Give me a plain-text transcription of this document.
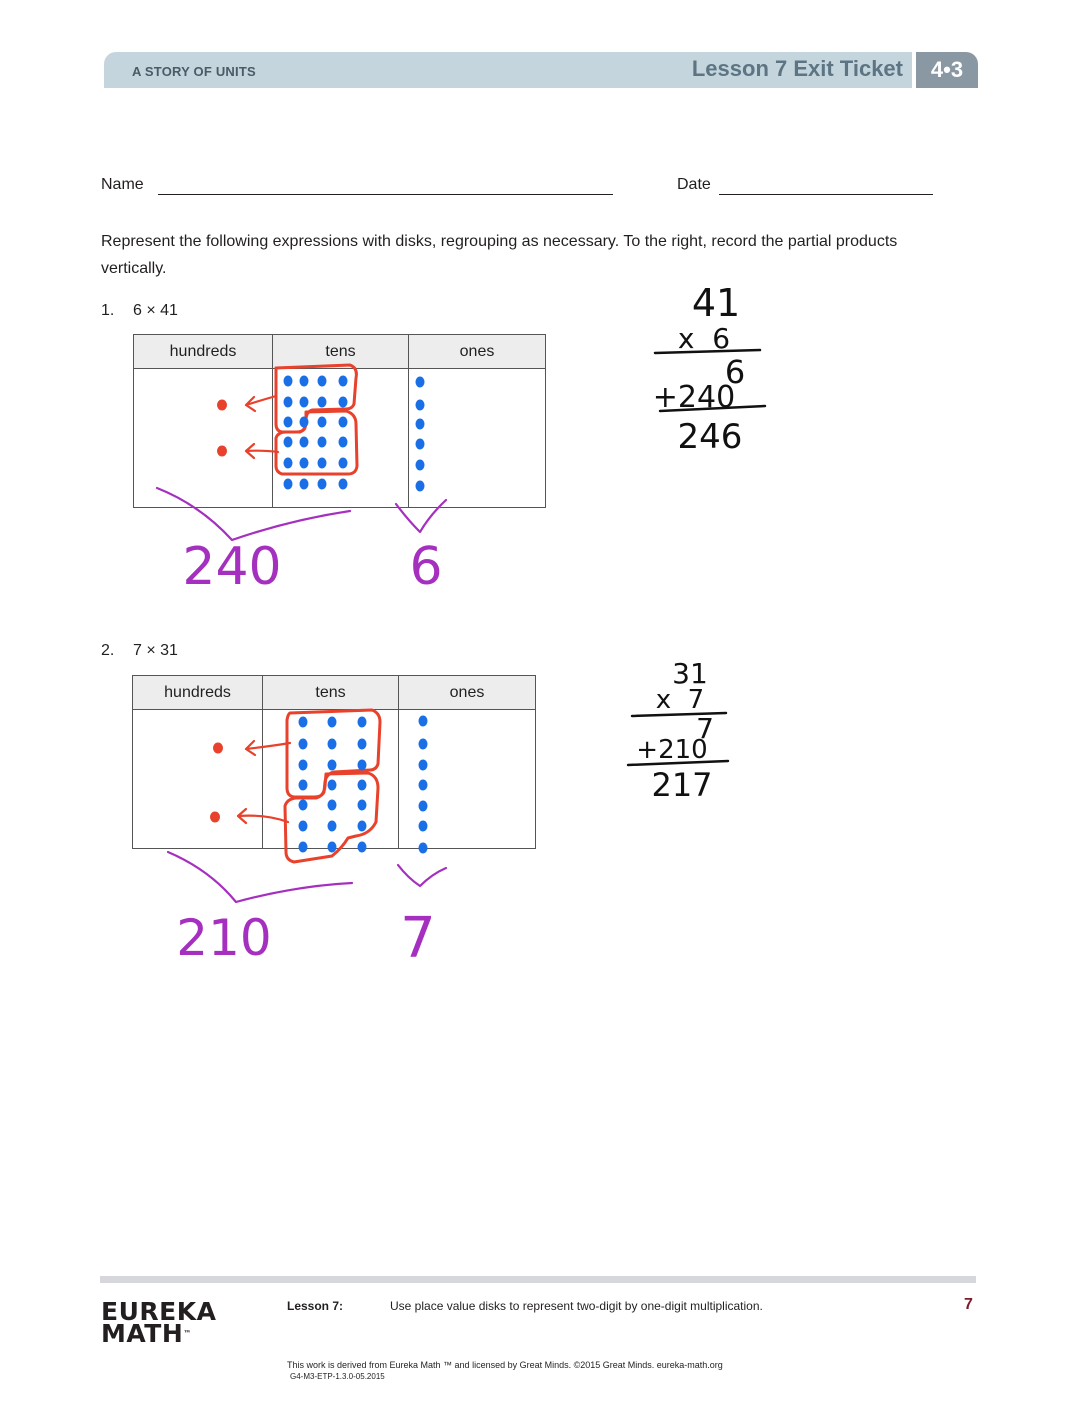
A STORY OF UNITS	Lesson 7 Exit Ticket	4•3
Name	Date
Represent the following expressions with disks, regrouping as necessary. To the right, record the partial products vertically.
1. 6 × 41
hundreds	tens	ones

2. 7 × 31
hundreds	tens	ones

240 6
41
x  6
6
+240
246
210 7
31
x  7
7
+210
217
EUREKA
MATH™
Lesson 7:	Use place value disks to represent two-digit by one-digit multiplication.	7
This work is derived from Eureka Math ™ and licensed by Great Minds. ©2015 Great Minds. eureka-math.org
G4-M3-ETP-1.3.0-05.2015
